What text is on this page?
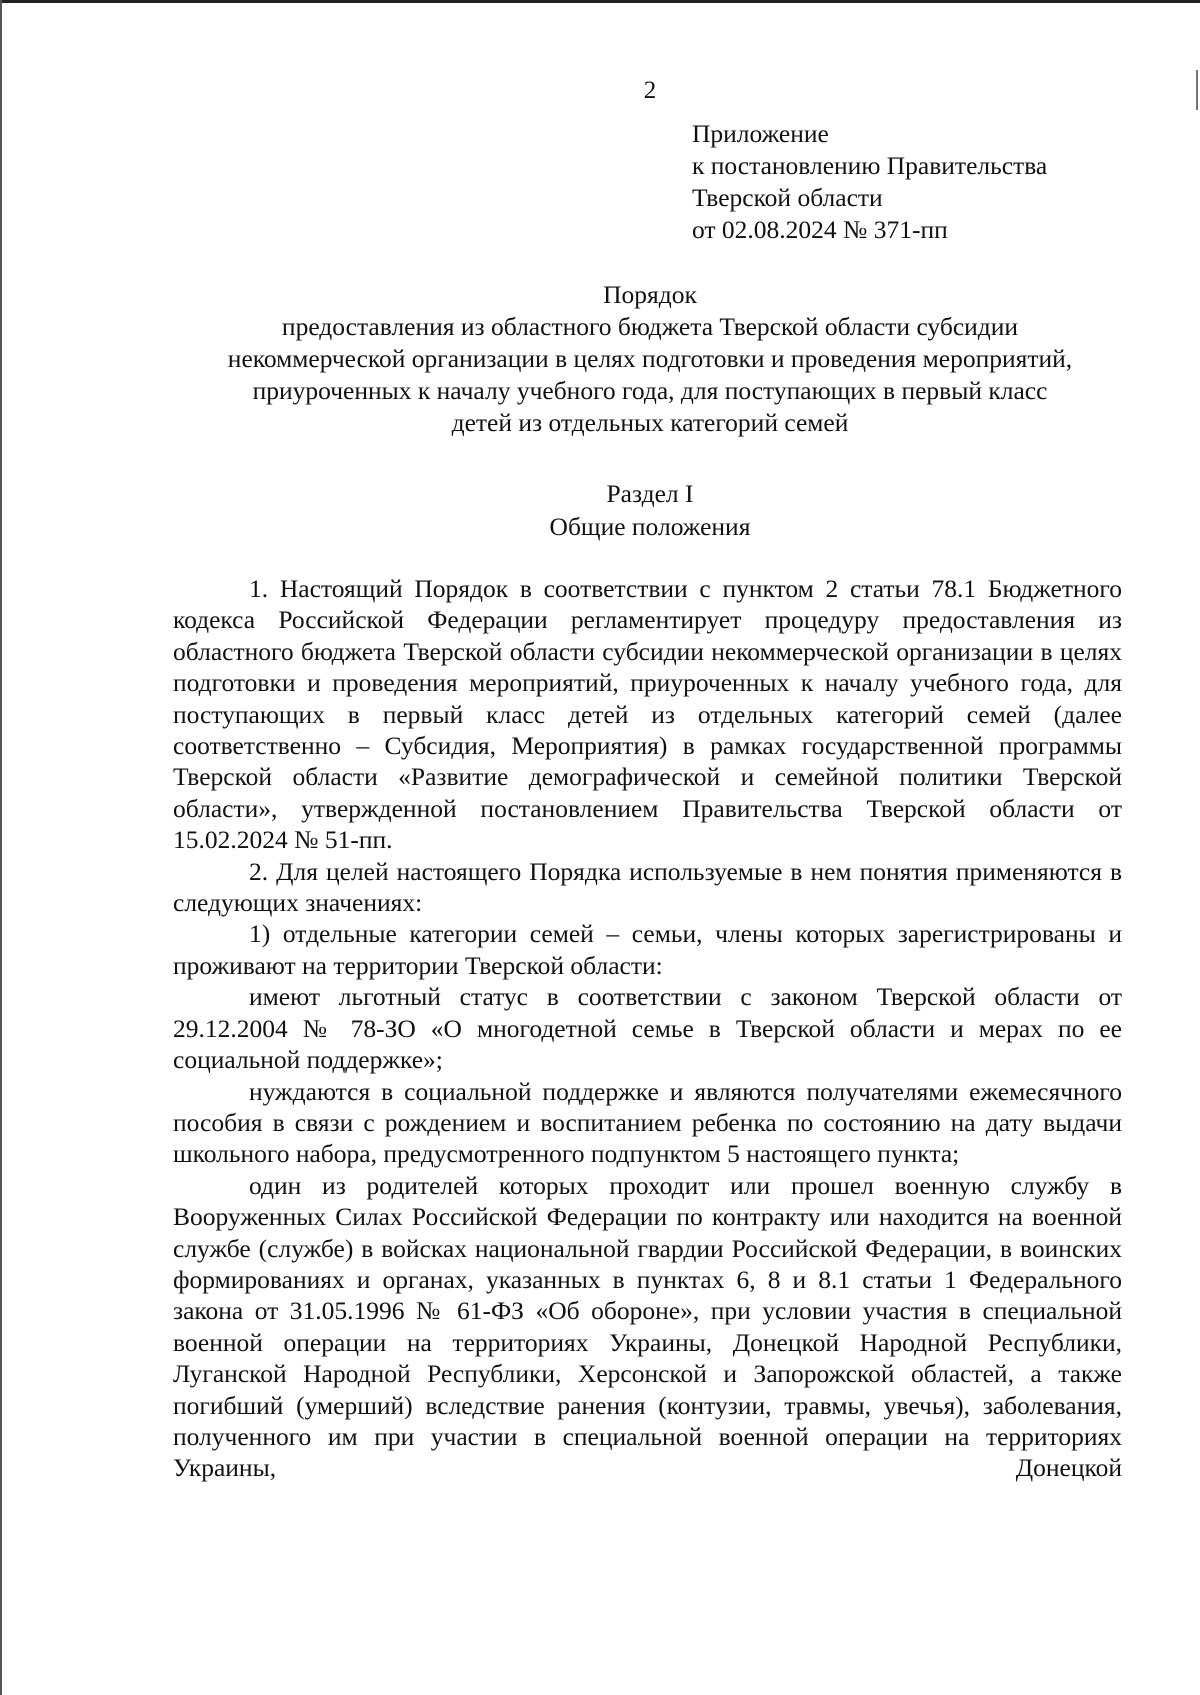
2
Приложение
к постановлению Правительства
Тверской области
от 02.08.2024 № 371-пп
Порядок
предоставления из областного бюджета Тверской области субсидии
некоммерческой организации в целях подготовки и проведения мероприятий,
приуроченных к началу учебного года, для поступающих в первый класс
детей из отдельных категорий семей
Раздел I
Общие положения

1. Настоящий Порядок в соответствии с пунктом 2 статьи 78.1 Бюджетного кодекса Российской Федерации регламентирует процедуру предоставления из областного бюджета Тверской области субсидии некоммерческой организации в целях подготовки и проведения мероприятий, приуроченных к началу учебного года, для поступающих в первый класс детей из отдельных категорий семей (далее соответственно – Субсидия, Мероприятия) в рамках государственной программы Тверской области «Развитие демографической и семейной политики Тверской области», утвержденной постановлением Правительства Тверской области от 15.02.2024 № 51-пп.

2. Для целей настоящего Порядка используемые в нем понятия применяются в следующих значениях:

1) отдельные категории семей – семьи, члены которых зарегистрированы и проживают на территории Тверской области:

имеют льготный статус в соответствии с законом Тверской области от 29.12.2004 № 78-ЗО «О многодетной семье в Тверской области и мерах по ее социальной поддержке»;

нуждаются в социальной поддержке и являются получателями ежемесячного пособия в связи с рождением и воспитанием ребенка по состоянию на дату выдачи школьного набора, предусмотренного подпунктом 5 настоящего пункта;

один из родителей которых проходит или прошел военную службу в Вооруженных Силах Российской Федерации по контракту или находится на военной службе (службе) в войсках национальной гвардии Российской Федерации, в воинских формированиях и органах, указанных в пунктах 6, 8 и 8.1 статьи 1 Федерального закона от 31.05.1996 № 61-ФЗ «Об обороне», при условии участия в специальной военной операции на территориях Украины, Донецкой Народной Республики, Луганской Народной Республики, Херсонской и Запорожской областей, а также погибший (умерший) вследствие ранения (контузии, травмы, увечья), заболевания, полученного им при участии в специальной военной операции на территориях Украины, Донецкой
